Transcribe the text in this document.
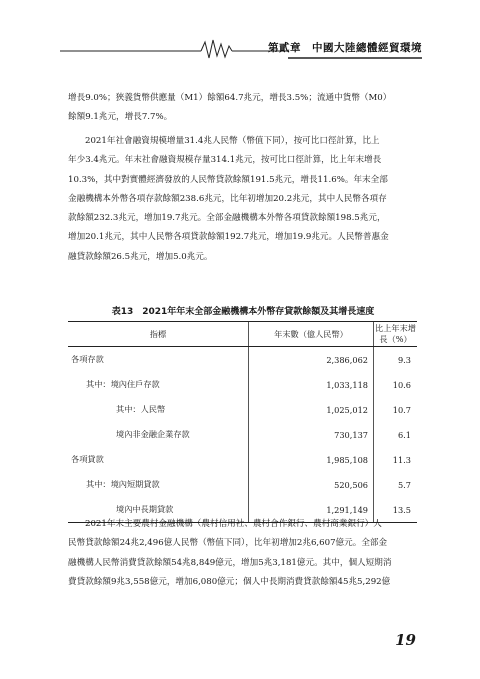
第貳章　中國大陸總體經貿環境
增長9.0%；狹義貨幣供應量（M1）餘額64.7兆元，增長3.5%；流通中貨幣（M0）
餘額9.1兆元，增長7.7%。
2021年社會融資規模增量31.4兆人民幣（幣值下同），按可比口徑計算，比上
年少3.4兆元。年末社會融資規模存量314.1兆元，按可比口徑計算，比上年末增長
10.3%，其中對實體經濟發放的人民幣貸款餘額191.5兆元，增長11.6%。年末全部
金融機構本外幣各項存款餘額238.6兆元，比年初增加20.2兆元，其中人民幣各項存
款餘額232.3兆元，增加19.7兆元。全部金融機構本外幣各項貸款餘額198.5兆元，
增加20.1兆元，其中人民幣各項貸款餘額192.7兆元，增加19.9兆元。人民幣普惠金
融貸款餘額26.5兆元，增加5.0兆元。
表13　2021年年末全部金融機構本外幣存貸款餘額及其增長速度
指標	年末數（億人民幣）	比上年末增長（%）
各項存款	2,386,062	9.3
其中：境內住戶存款	1,033,118	10.6
其中：人民幣	1,025,012	10.7
境內非金融企業存款	730,137	6.1
各項貸款	1,985,108	11.3
其中：境內短期貸款	520,506	5.7
境內中長期貸款	1,291,149	13.5
2021年末主要農村金融機構（農村信用社、農村合作銀行、農村商業銀行）人
民幣貸款餘額24兆2,496億人民幣（幣值下同），比年初增加2兆6,607億元。全部金
融機構人民幣消費貸款餘額54兆8,849億元，增加5兆3,181億元。其中，個人短期消
費貸款餘額9兆3,558億元，增加6,080億元；個人中長期消費貸款餘額45兆5,292億
19
